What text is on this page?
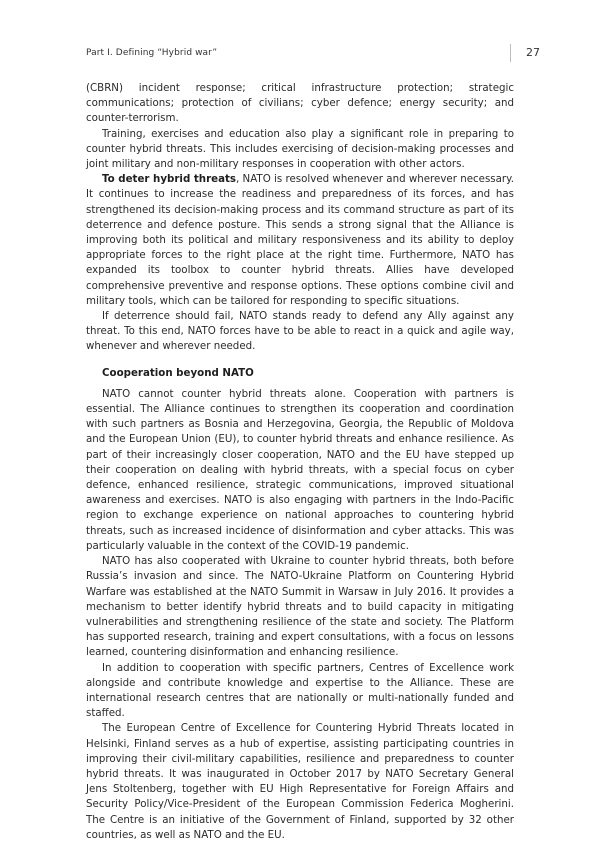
Part I. Defining “Hybrid war”	27

(CBRN) incident response; critical infrastructure protection; strategic communications; protection of civilians; cyber defence; energy security; and counter-terrorism.

Training, exercises and education also play a significant role in preparing to counter hybrid threats. This includes exercising of decision-making processes and joint military and non-military responses in cooperation with other actors.

To deter hybrid threats, NATO is resolved whenever and wherever necessary. It continues to increase the readiness and preparedness of its forces, and has strengthened its decision-making process and its command structure as part of its deterrence and defence posture. This sends a strong signal that the Alliance is improving both its political and military responsiveness and its ability to deploy appropriate forces to the right place at the right time. Furthermore, NATO has expanded its toolbox to counter hybrid threats. Allies have developed comprehensive preventive and response options. These options combine civil and military tools, which can be tailored for responding to specific situations.

If deterrence should fail, NATO stands ready to defend any Ally against any threat. To this end, NATO forces have to be able to react in a quick and agile way, whenever and wherever needed.

Cooperation beyond NATO

NATO cannot counter hybrid threats alone. Cooperation with partners is essential. The Alliance continues to strengthen its cooperation and coordination with such partners as Bosnia and Herzegovina, Georgia, the Republic of Moldova and the European Union (EU), to counter hybrid threats and enhance resilience. As part of their increasingly closer cooperation, NATO and the EU have stepped up their cooperation on dealing with hybrid threats, with a special focus on cyber defence, enhanced resilience, strategic communications, improved situational awareness and exercises. NATO is also engaging with partners in the Indo-Pacific region to exchange experience on national approaches to countering hybrid threats, such as increased incidence of disinformation and cyber attacks. This was particularly valuable in the context of the COVID-19 pandemic.

NATO has also cooperated with Ukraine to counter hybrid threats, both before Russia’s invasion and since. The NATO-Ukraine Platform on Countering Hybrid Warfare was established at the NATO Summit in Warsaw in July 2016. It provides a mechanism to better identify hybrid threats and to build capacity in mitigating vulnerabilities and strengthening resilience of the state and society. The Platform has supported research, training and expert consultations, with a focus on lessons learned, countering disinformation and enhancing resilience.

In addition to cooperation with specific partners, Centres of Excellence work alongside and contribute knowledge and expertise to the Alliance. These are international research centres that are nationally or multi-nationally funded and staffed.

The European Centre of Excellence for Countering Hybrid Threats located in Helsinki, Finland serves as a hub of expertise, assisting participating countries in improving their civil-military capabilities, resilience and preparedness to counter hybrid threats. It was inaugurated in October 2017 by NATO Secretary General Jens Stoltenberg, together with EU High Representative for Foreign Affairs and Security Policy/Vice-President of the European Commission Federica Mogherini. The Centre is an initiative of the Government of Finland, supported by 32 other countries, as well as NATO and the EU.
